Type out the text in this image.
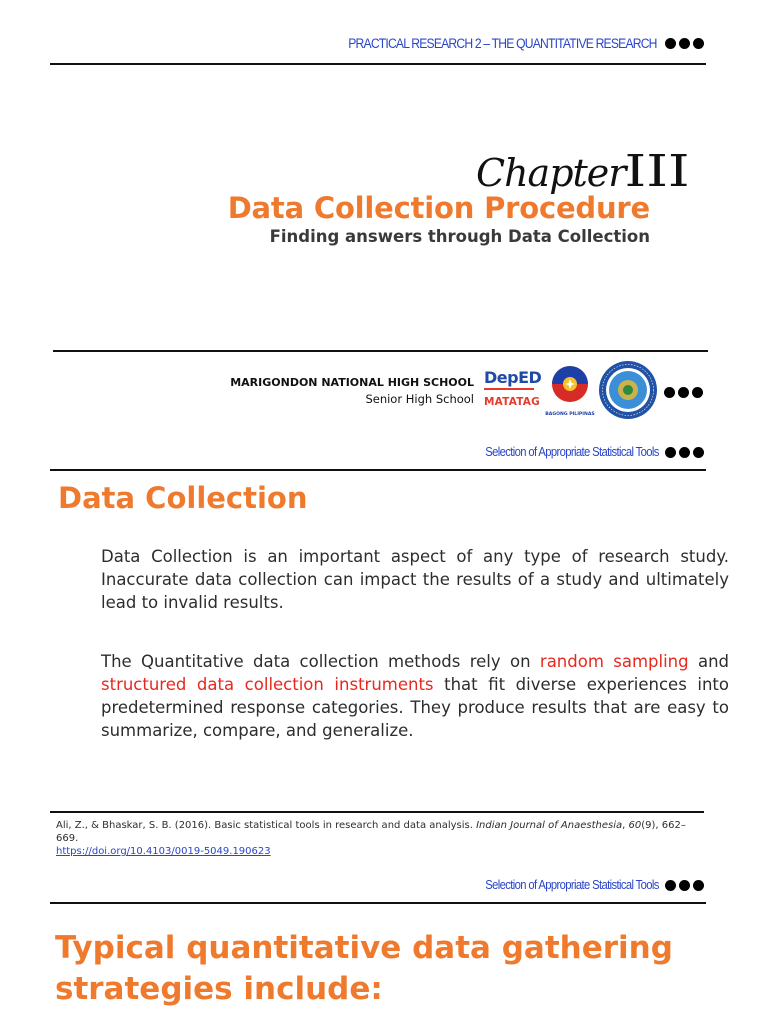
PRACTICAL RESEARCH 2 – THE QUANTITATIVE RESEARCH
ChapterIII
Data Collection Procedure
Finding answers through Data Collection
MARIGONDON NATIONAL HIGH SCHOOL
Senior High School
DepED
MATATAG
BAGONG PILIPINAS
Selection of Appropriate Statistical Tools
Data Collection
Data Collection is an important aspect of any type of research study. Inaccurate data collection can impact the results of a study and ultimately lead to invalid results.
The Quantitative data collection methods rely on random sampling and structured data collection instruments that fit diverse experiences into predetermined response categories. They produce results that are easy to summarize, compare, and generalize.
Ali, Z., & Bhaskar, S. B. (2016). Basic statistical tools in research and data analysis. Indian Journal of Anaesthesia, 60(9), 662–669.
https://doi.org/10.4103/0019-5049.190623
Selection of Appropriate Statistical Tools
Typical quantitative data gathering
strategies include:
